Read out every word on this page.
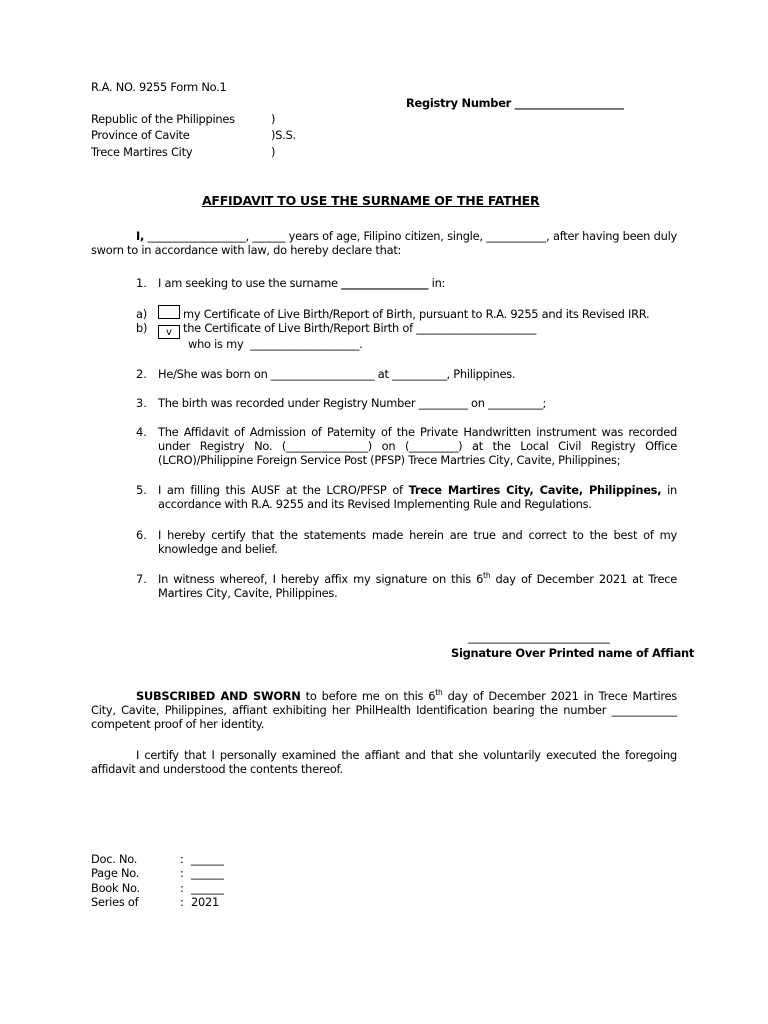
R.A. NO. 9255 Form No.1
Registry Number ____________________
Republic of the Philippines	)
Province of Cavite	)S.S.
Trece Martires City	)
AFFIDAVIT TO USE THE SURNAME OF THE FATHER
I, __________________, ______ years of age, Filipino citizen, single, ___________, after having been duly sworn to in accordance with law, do hereby declare that:
1. I am seeking to use the surname ________________ in:
a)	my Certificate of Live Birth/Report of Birth, pursuant to R.A. 9255 and its Revised IRR.
b)	v the Certificate of Live Birth/Report Birth of ______________________
who is my  ____________________.
2. He/She was born on ___________________ at __________, Philippines.
3. The birth was recorded under Registry Number _________ on __________;
4. The Affidavit of Admission of Paternity of the Private Handwritten instrument was recorded under Registry No. (_______________) on (_________) at the Local Civil Registry Office (LCRO)/Philippine Foreign Service Post (PFSP) Trece Martries City, Cavite, Philippines;
5. I am filling this AUSF at the LCRO/PFSP of Trece Martires City, Cavite, Philippines, in accordance with R.A. 9255 and its Revised Implementing Rule and Regulations.
6. I hereby certify that the statements made herein are true and correct to the best of my knowledge and belief.
7. In witness whereof, I hereby affix my signature on this 6th day of December 2021 at Trece Martires City, Cavite, Philippines.
__________________________
Signature Over Printed name of Affiant
SUBSCRIBED AND SWORN to before me on this 6th day of December 2021 in Trece Martires City, Cavite, Philippines, affiant exhibiting her PhilHealth Identification bearing the number ____________ competent proof of her identity.
I certify that I personally examined the affiant and that she voluntarily executed the foregoing affidavit and understood the contents thereof.
Doc. No.	: ______
Page No.	: ______
Book No.	: ______
Series of	: 2021
